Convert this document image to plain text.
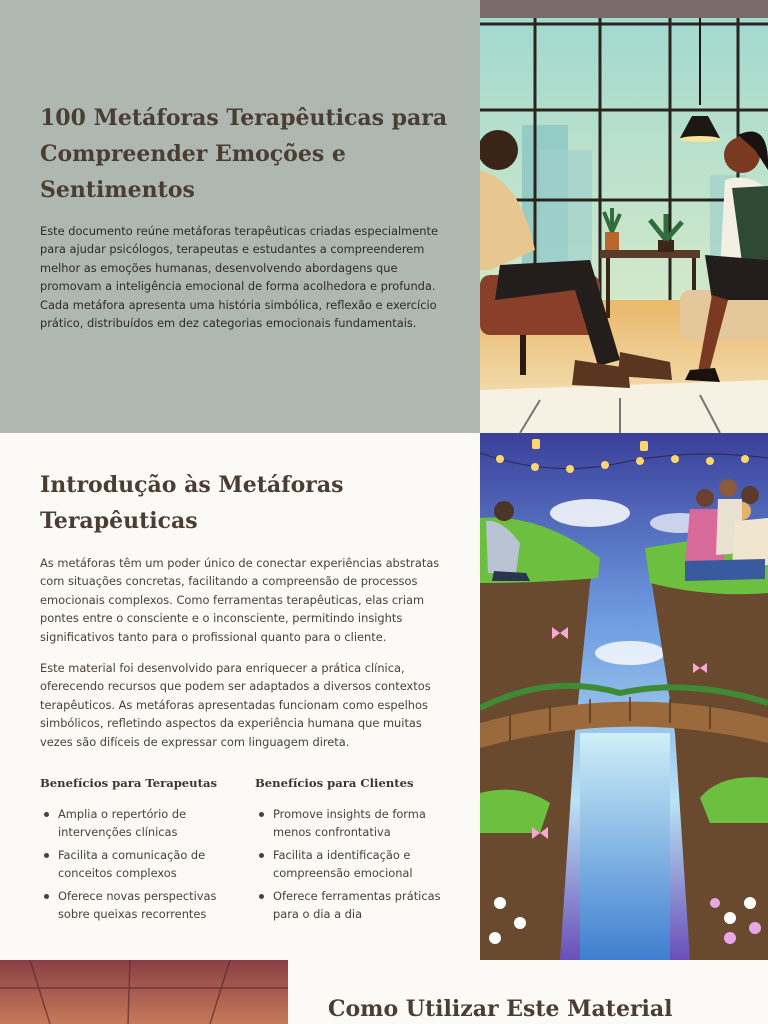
100 Metáforas Terapêuticas para Compreender Emoções e Sentimentos

Este documento reúne metáforas terapêuticas criadas especialmente para ajudar psicólogos, terapeutas e estudantes a compreenderem melhor as emoções humanas, desenvolvendo abordagens que promovam a inteligência emocional de forma acolhedora e profunda. Cada metáfora apresenta uma história simbólica, reflexão e exercício prático, distribuídos em dez categorias emocionais fundamentais.

Introdução às Metáforas Terapêuticas

As metáforas têm um poder único de conectar experiências abstratas com situações concretas, facilitando a compreensão de processos emocionais complexos. Como ferramentas terapêuticas, elas criam pontes entre o consciente e o inconsciente, permitindo insights significativos tanto para o profissional quanto para o cliente.

Este material foi desenvolvido para enriquecer a prática clínica, oferecendo recursos que podem ser adaptados a diversos contextos terapêuticos. As metáforas apresentadas funcionam como espelhos simbólicos, refletindo aspectos da experiência humana que muitas vezes são difíceis de expressar com linguagem direta.

Benefícios para Terapeutas
Amplia o repertório de intervenções clínicas
Facilita a comunicação de conceitos complexos
Oferece novas perspectivas sobre queixas recorrentes
Benefícios para Clientes
Promove insights de forma menos confrontativa
Facilita a identificação e compreensão emocional
Oferece ferramentas práticas para o dia a dia
Como Utilizar Este Material
